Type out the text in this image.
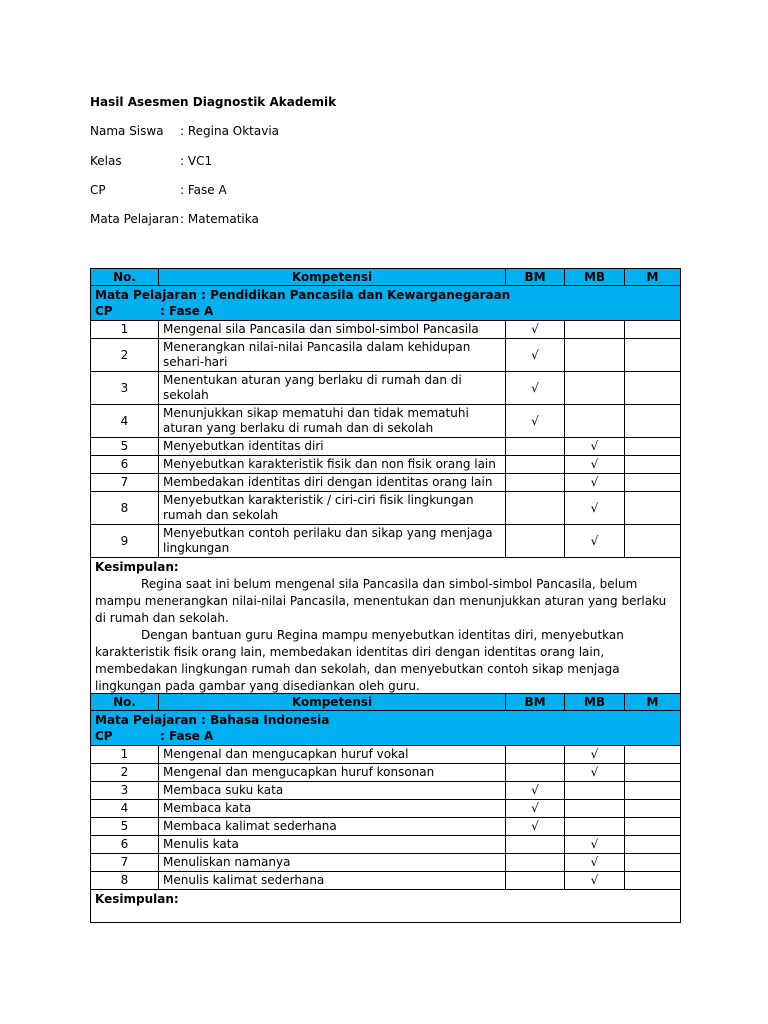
Hasil Asesmen Diagnostik Akademik
Nama Siswa : Regina Oktavia
Kelas	: VC1
CP	: Fase A
Mata Pelajaran: Matematika
No.	Kompetensi	BM	MB	M

Mata Pelajaran : Pendidikan Pancasila dan Kewarganegaraan
CP : Fase A				

1	Mengenal sila Pancasila dan simbol-simbol Pancasila	√		
2	Menerangkan nilai-nilai Pancasila dalam kehidupan sehari-hari	√		
3	Menentukan aturan yang berlaku di rumah dan di sekolah	√		
4	Menunjukkan sikap mematuhi dan tidak mematuhi aturan yang berlaku di rumah dan di sekolah	√		
5	Menyebutkan identitas diri		√	
6	Menyebutkan karakteristik fisik dan non fisik orang lain		√	
7	Membedakan identitas diri dengan identitas orang lain		√	
8	Menyebutkan karakteristik / ciri-ciri fisik lingkungan rumah dan sekolah		√	
9	Menyebutkan contoh perilaku dan sikap yang menjaga lingkungan		√	

Kesimpulan:

Regina saat ini belum mengenal sila Pancasila dan simbol-simbol Pancasila, belum mampu menerangkan nilai-nilai Pancasila, menentukan dan menunjukkan aturan yang berlaku di rumah dan sekolah.

Dengan bantuan guru Regina mampu menyebutkan identitas diri, menyebutkan karakteristik fisik orang lain, membedakan identitas diri dengan identitas orang lain, membedakan lingkungan rumah dan sekolah, dan menyebutkan contoh sikap menjaga lingkungan pada gambar yang disediankan oleh guru.				

No.	Kompetensi	BM	MB	M

Mata Pelajaran : Bahasa Indonesia
CP : Fase A				

1	Mengenal dan mengucapkan huruf vokal		√	
2	Mengenal dan mengucapkan huruf konsonan		√	
3	Membaca suku kata	√		
4	Membaca kata	√		
5	Membaca kalimat sederhana	√		
6	Menulis kata		√	
7	Menuliskan namanya		√	
8	Menulis kalimat sederhana		√	

Kesimpulan:				
